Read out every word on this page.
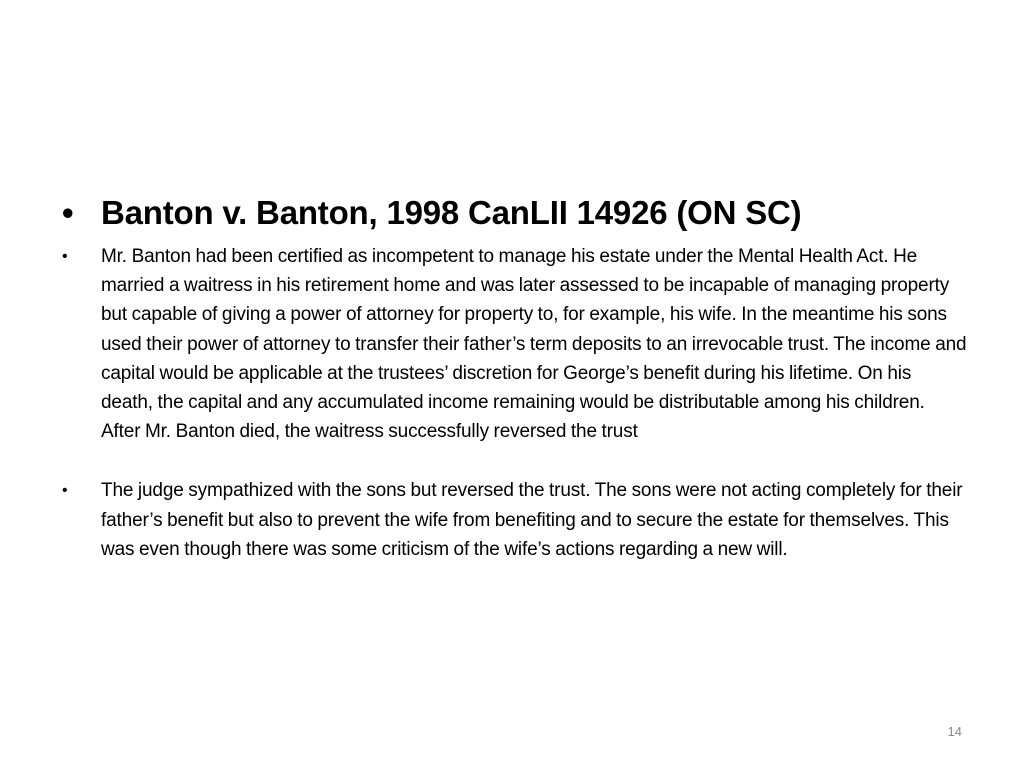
• Banton v. Banton, 1998 CanLII 14926 (ON SC)
• Mr. Banton had been certified as incompetent to manage his estate under the Mental Health Act. He married a waitress in his retirement home and was later assessed to be incapable of managing property but capable of giving a power of attorney for property to, for example, his wife. In the meantime his sons used their power of attorney to transfer their father’s term deposits to an irrevocable trust. The income and capital would be applicable at the trustees’ discretion for George’s benefit during his lifetime. On his death, the capital and any accumulated income remaining would be distributable among his children. After Mr. Banton died, the waitress successfully reversed the trust
• The judge sympathized with the sons but reversed the trust. The sons were not acting completely for their father’s benefit but also to prevent the wife from benefiting and to secure the estate for themselves. This was even though there was some criticism of the wife’s actions regarding a new will.
14
